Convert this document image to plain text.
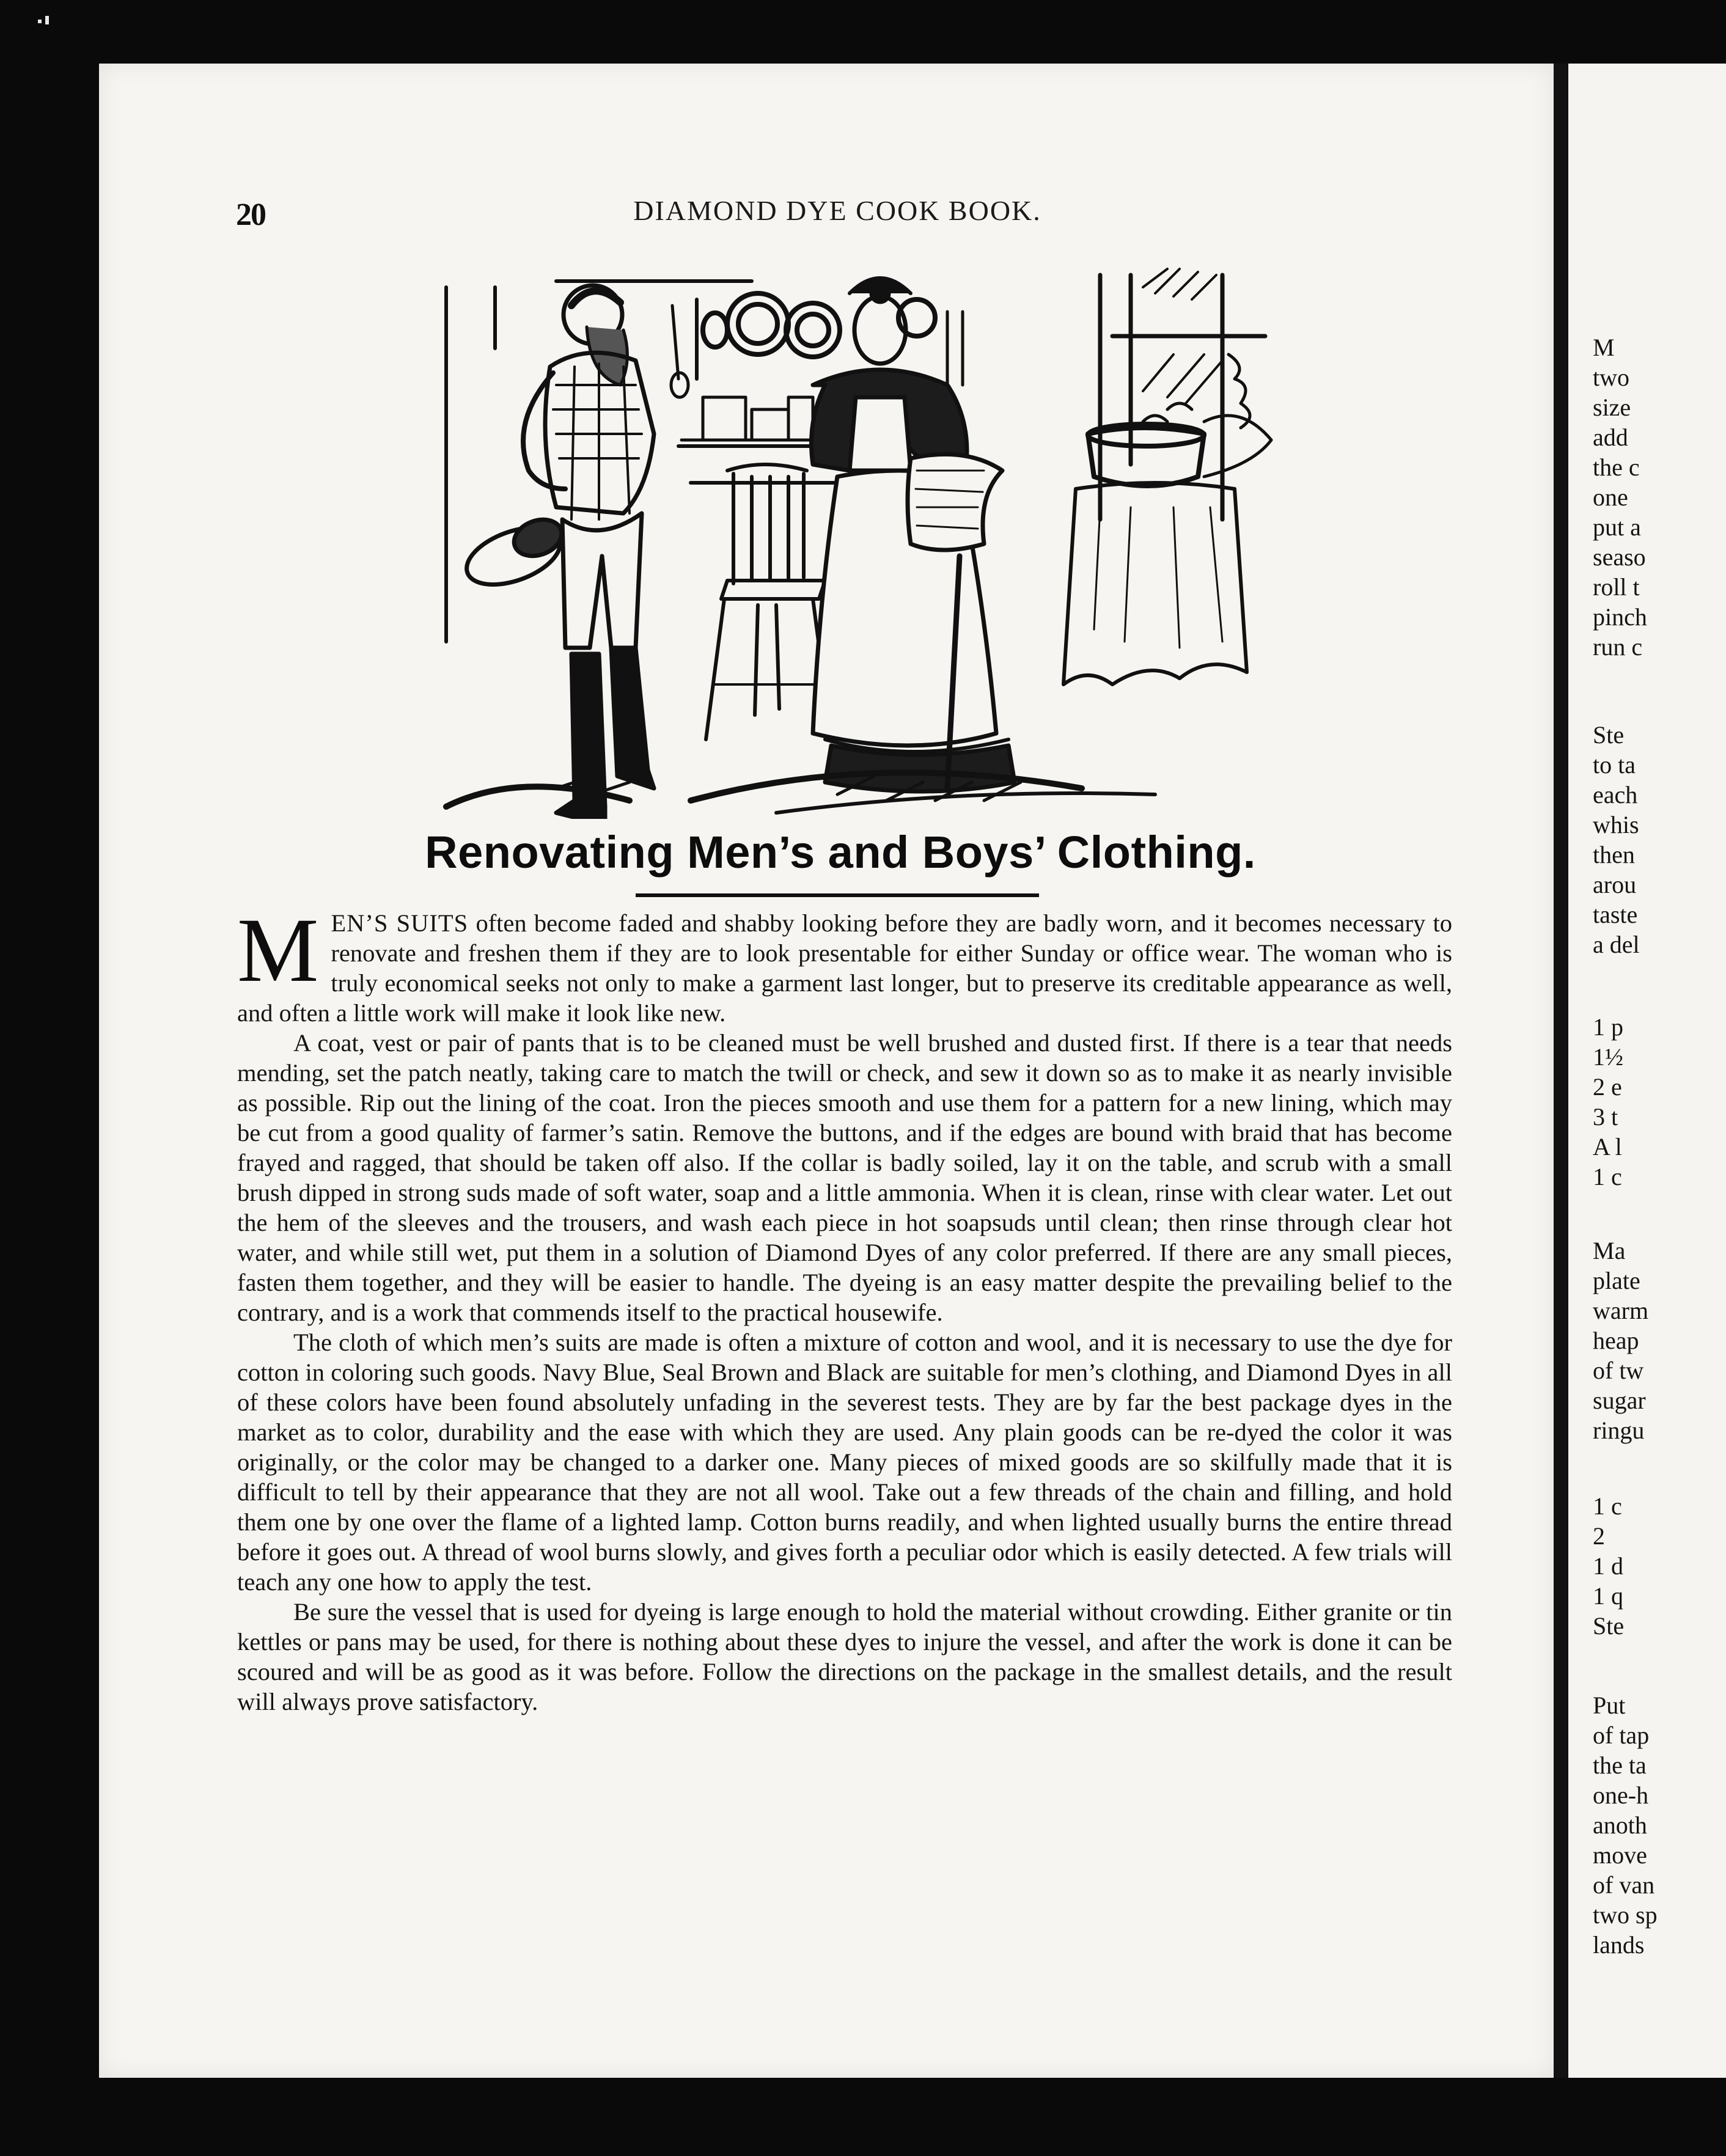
20	DIAMOND DYE COOK BOOK.
Renovating Men’s and Boys’ Clothing.

MEN’S SUITS often become faded and shabby looking before they are badly worn, and it becomes necessary to renovate and freshen them if they are to look presentable for either Sunday or office wear. The woman who is truly economical seeks not only to make a garment last longer, but to preserve its creditable appearance as well, and often a little work will make it look like new.

A coat, vest or pair of pants that is to be cleaned must be well brushed and dusted first. If there is a tear that needs mending, set the patch neatly, taking care to match the twill or check, and sew it down so as to make it as nearly invisible as possible. Rip out the lining of the coat. Iron the pieces smooth and use them for a pattern for a new lining, which may be cut from a good quality of farmer’s satin. Remove the buttons, and if the edges are bound with braid that has become frayed and ragged, that should be taken off also. If the collar is badly soiled, lay it on the table, and scrub with a small brush dipped in strong suds made of soft water, soap and a little ammonia. When it is clean, rinse with clear water. Let out the hem of the sleeves and the trousers, and wash each piece in hot soapsuds until clean; then rinse through clear hot water, and while still wet, put them in a solution of Diamond Dyes of any color preferred. If there are any small pieces, fasten them together, and they will be easier to handle. The dyeing is an easy matter despite the prevailing belief to the contrary, and is a work that commends itself to the practical housewife.

The cloth of which men’s suits are made is often a mixture of cotton and wool, and it is necessary to use the dye for cotton in coloring such goods. Navy Blue, Seal Brown and Black are suitable for men’s clothing, and Diamond Dyes in all of these colors have been found absolutely unfading in the severest tests. They are by far the best package dyes in the market as to color, durability and the ease with which they are used. Any plain goods can be re-dyed the color it was originally, or the color may be changed to a darker one. Many pieces of mixed goods are so skilfully made that it is difficult to tell by their appearance that they are not all wool. Take out a few threads of the chain and filling, and hold them one by one over the flame of a lighted lamp. Cotton burns readily, and when lighted usually burns the entire thread before it goes out. A thread of wool burns slowly, and gives forth a peculiar odor which is easily detected. A few trials will teach any one how to apply the test.

Be sure the vessel that is used for dyeing is large enough to hold the material without crowding. Either granite or tin kettles or pans may be used, for there is nothing about these dyes to injure the vessel, and after the work is done it can be scoured and will be as good as it was before. Follow the directions on the package in the smallest details, and the result will always prove satisfactory.

M
two
size
add
the c
one
put a
seaso
roll t
pinch
run c
Ste
to ta
each
whis
then
arou
taste
a del
1 p
1½
2 e
3 t
A l
1 c
Ma
plate
warm
heap
of tw
sugar
ringu
1 c
2
1 d
1 q
Ste
Put
of tap
the ta
one-h
anoth
move
of van
two sp
lands
